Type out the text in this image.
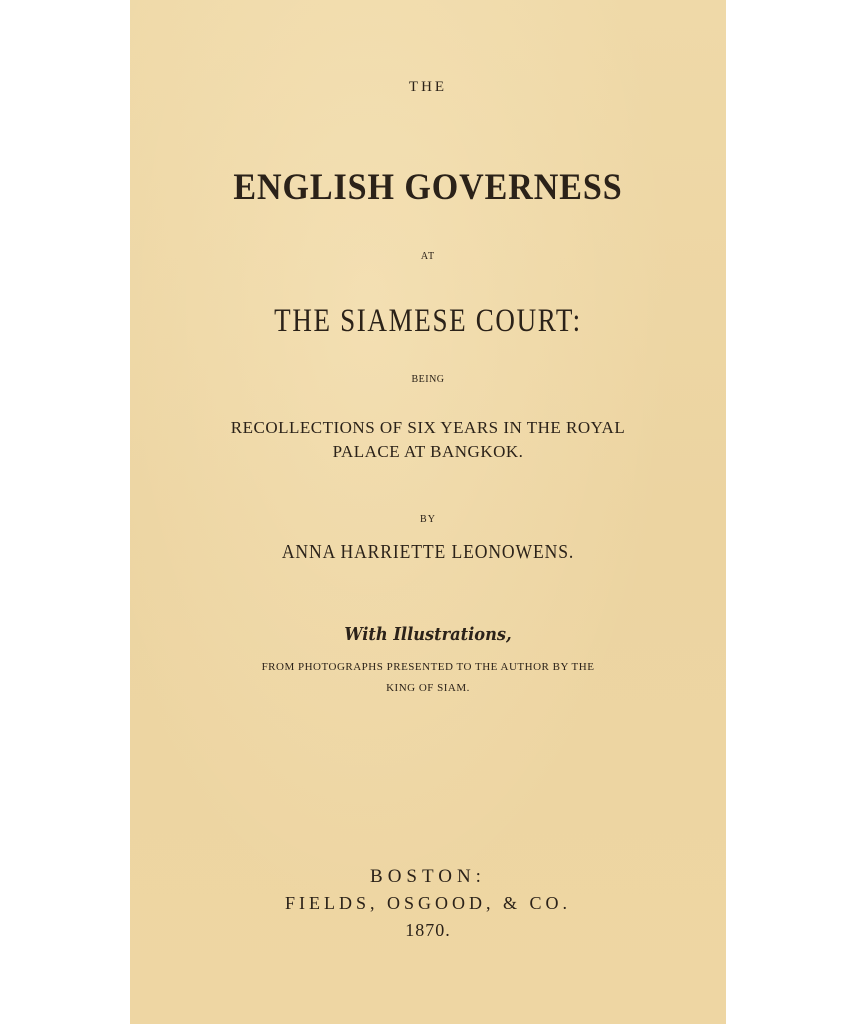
THE
ENGLISH GOVERNESS
AT
THE SIAMESE COURT:
BEING
RECOLLECTIONS OF SIX YEARS IN THE ROYAL
PALACE AT BANGKOK.
BY
ANNA HARRIETTE LEONOWENS.
With Illustrations,
FROM PHOTOGRAPHS PRESENTED TO THE AUTHOR BY THE
KING OF SIAM.
BOSTON:
FIELDS, OSGOOD, & CO.
1870.
